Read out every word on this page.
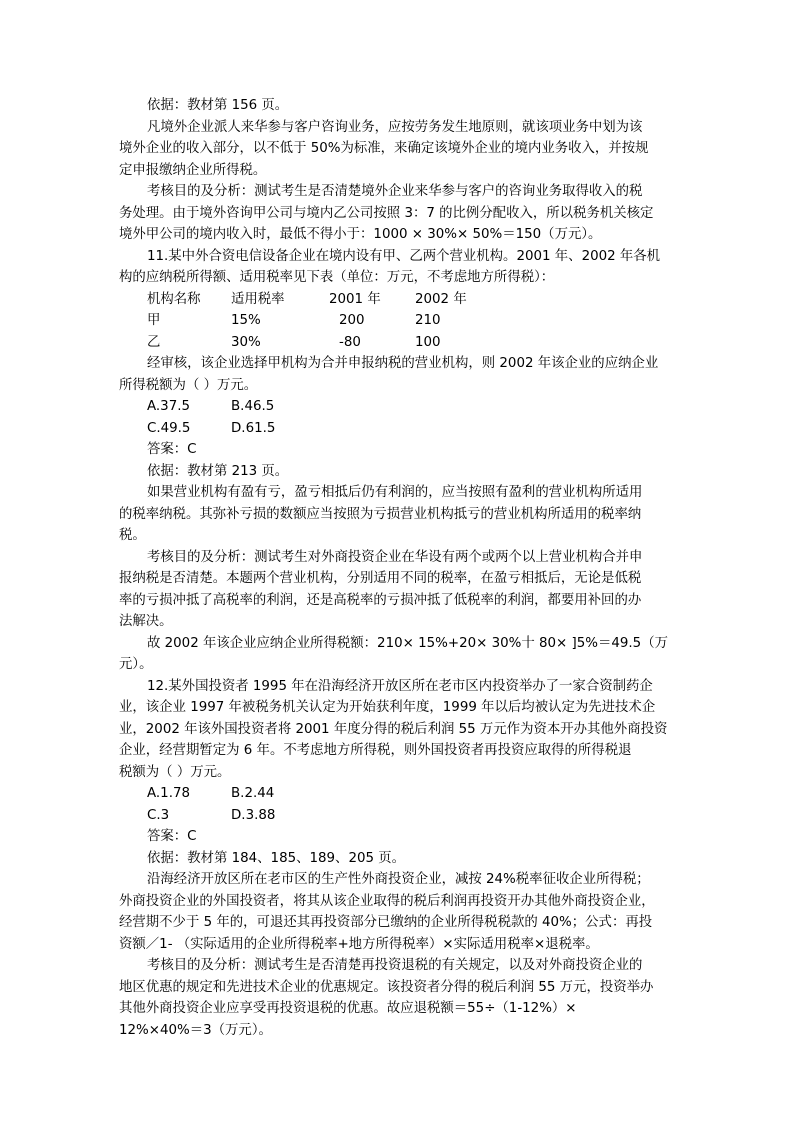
依据：教材第 156 页。

凡境外企业派人来华参与客户咨询业务，应按劳务发生地原则，就该项业务中划为该

境外企业的收入部分，以不低于 50%为标准，来确定该境外企业的境内业务收入，并按规

定申报缴纳企业所得税。

考核目的及分析：测试考生是否清楚境外企业来华参与客户的咨询业务取得收入的税

务处理。由于境外咨询甲公司与境内乙公司按照 3：7 的比例分配收入，所以税务机关核定

境外甲公司的境内收入时，最低不得小于：1000 × 30%× 50%＝150（万元）。

11.某中外合资电信设备企业在境内设有甲、乙两个营业机构。2001 年、2002 年各机

构的应纳税所得额、适用税率见下表（单位：万元，不考虑地方所得税）：

机构名称	适用税率	2001 年	2002 年
甲	15%	200	210
乙	30%	-80	100

经审核，该企业选择甲机构为合并申报纳税的营业机构，则 2002 年该企业的应纳企业

所得税额为（ ）万元。

A.37.5	B.46.5
C.49.5	D.61.5

答案：C

依据：教材第 213 页。

如果营业机构有盈有亏，盈亏相抵后仍有利润的，应当按照有盈利的营业机构所适用

的税率纳税。其弥补亏损的数额应当按照为亏损营业机构抵亏的营业机构所适用的税率纳

税。

考核目的及分析：测试考生对外商投资企业在华设有两个或两个以上营业机构合并申

报纳税是否清楚。本题两个营业机构，分别适用不同的税率，在盈亏相抵后，无论是低税

率的亏损冲抵了高税率的利润，还是高税率的亏损冲抵了低税率的利润，都要用补回的办

法解决。

故 2002 年该企业应纳企业所得税额：210× 15%+20× 30%十 80× ]5%＝49.5（万

元）。

12.某外国投资者 1995 年在沿海经济开放区所在老市区内投资举办了一家合资制药企

业，该企业 1997 年被税务机关认定为开始获利年度，1999 年以后均被认定为先进技术企

业，2002 年该外国投资者将 2001 年度分得的税后利润 55 万元作为资本开办其他外商投资

企业，经营期暂定为 6 年。不考虑地方所得税，则外国投资者再投资应取得的所得税退

税额为（ ）万元。

A.1.78	B.2.44
C.3	D.3.88

答案：C

依据：教材第 184、185、189、205 页。

沿海经济开放区所在老市区的生产性外商投资企业，减按 24%税率征收企业所得税；

外商投资企业的外国投资者，将其从该企业取得的税后利润再投资开办其他外商投资企业，

经营期不少于 5 年的，可退还其再投资部分已缴纳的企业所得税税款的 40%；公式：再投

资额／1- （实际适用的企业所得税率+地方所得税率）×实际适用税率×退税率。

考核目的及分析：测试考生是否清楚再投资退税的有关规定，以及对外商投资企业的

地区优惠的规定和先进技术企业的优惠规定。该投资者分得的税后利润 55 万元，投资举办

其他外商投资企业应享受再投资退税的优惠。故应退税额＝55÷（1-12%）×

12%×40%＝3（万元）。
